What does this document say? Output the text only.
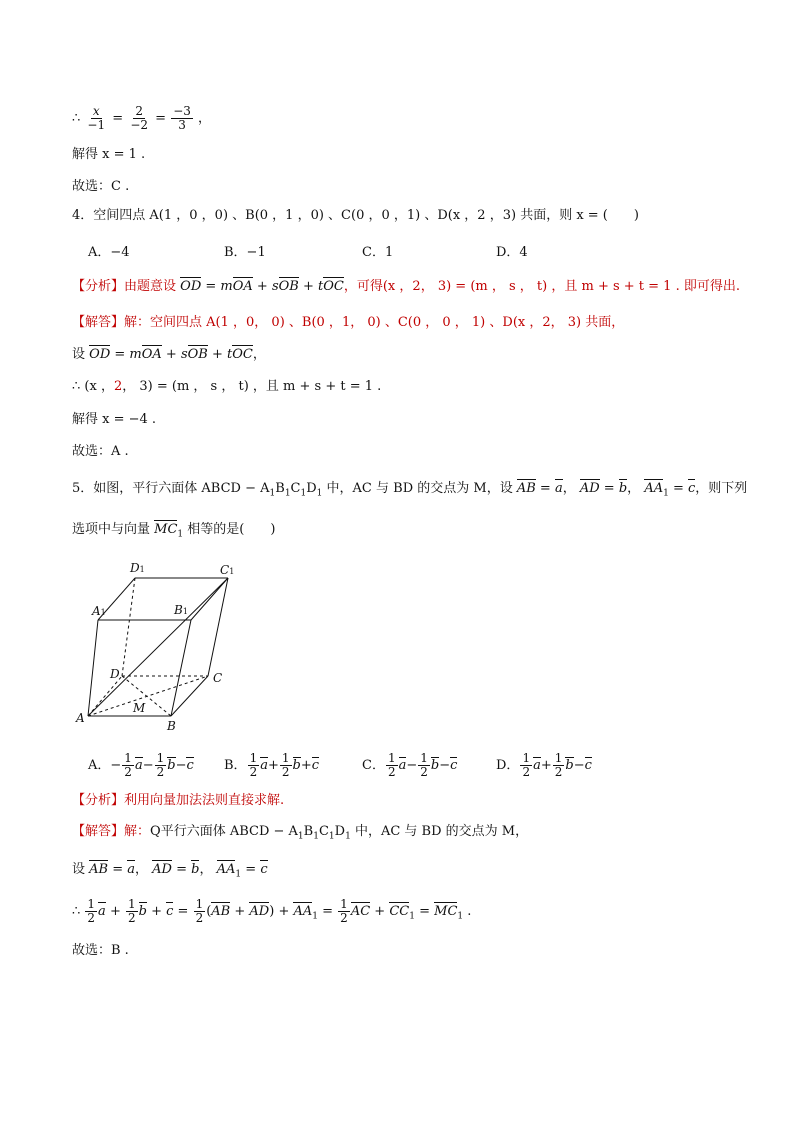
∴ $\frac{x}{-1} = \frac{2}{-2} = \frac{-3}{3}$ ，
解得 x = 1 .
故选：C .
4．空间四点 A(1 ，0 ，0) 、B(0 ，1 ，0) 、C(0 ，0 ，1) 、D(x ，2 ，3) 共面，则 x = (　　)
A．−4	B．−1	C．1	D．4
【分析】由题意设 OD = mOA + sOB + tOC，可得(x ，2， 3) = (m ， s ， t) ，且 m + s + t = 1 . 即可得出.
【解答】解：空间四点 A(1 ，0， 0) 、B(0 ，1， 0) 、C(0 ， 0 ， 1) 、D(x ，2， 3) 共面，
设 OD = mOA + sOB + tOC，
∴ (x ，2， 3) = (m ， s ， t) ，且 m + s + t = 1 .
解得 x = −4 .
故选：A .
5．如图，平行六面体 ABCD − $A_1B_1C_1D_1$ 中，AC 与 BD 的交点为 M，设 AB = a， AD = b， $AA_1 = c$，则下列
选项中与向量 $MC_1$ 相等的是(　　)
D1	C1
A1	B1
D	C
A
B
M
A．− $\frac{1}{2} a- \frac{1}{2} b-c$ B． $\frac{1}{2} a+ \frac{1}{2} b+c$	C． $\frac{1}{2} a- \frac{1}{2} b-c$	D． $\frac{1}{2} a+ \frac{1}{2} b-c$
【分析】利用向量加法法则直接求解.
【解答】解：Q平行六面体 ABCD − $A_1B_1C_1D_1$ 中，AC 与 BD 的交点为 M，
设 AB = a， AD = b， $AA_1 = c$
∴ $\frac{1}{2}$ $a + \frac{1}{2}$ $b + c = \frac{1}{2} (AB + AD) + AA_1 = \frac{1}{2}$ AC + $CC_1 = MC_1$ .
故选：B .
